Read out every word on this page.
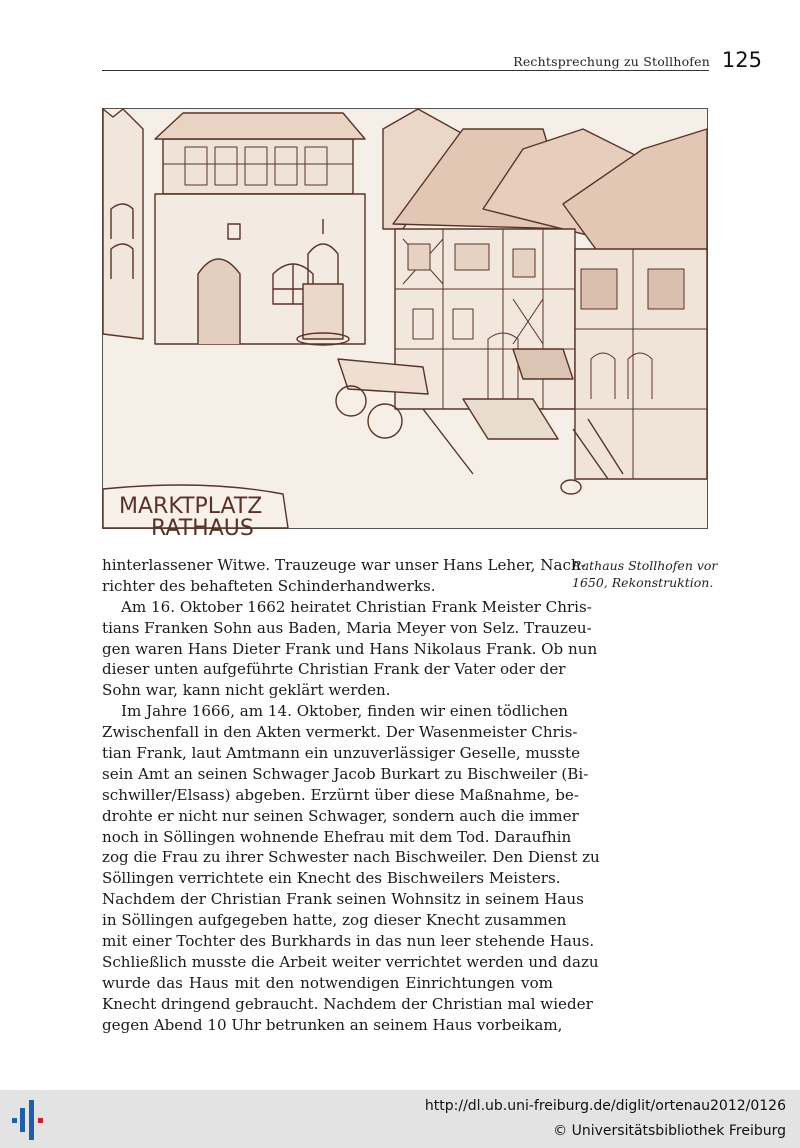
Rechtsprechung zu Stollhofen 125
MARKTPLATZ
RATHAUS
Rathaus Stollhofen vor
1650, Rekonstruktion.
hinterlassener Witwe. Trauzeuge war unser Hans Leher, Nach-
richter des behafteten Schinderhandwerks.
Am 16. Oktober 1662 heiratet Christian Frank Meister Chris-
tians Franken Sohn aus Baden, Maria Meyer von Selz. Trauzeu-
gen waren Hans Dieter Frank und Hans Nikolaus Frank. Ob nun
dieser unten aufgeführte Christian Frank der Vater oder der
Sohn war, kann nicht geklärt werden.
Im Jahre 1666, am 14. Oktober, finden wir einen tödlichen
Zwischenfall in den Akten vermerkt. Der Wasenmeister Chris-
tian Frank, laut Amtmann ein unzuverlässiger Geselle, musste
sein Amt an seinen Schwager Jacob Burkart zu Bischweiler (Bi-
schwiller/Elsass) abgeben. Erzürnt über diese Maßnahme, be-
drohte er nicht nur seinen Schwager, sondern auch die immer
noch in Söllingen wohnende Ehefrau mit dem Tod. Daraufhin
zog die Frau zu ihrer Schwester nach Bischweiler. Den Dienst zu
Söllingen verrichtete ein Knecht des Bischweilers Meisters.
Nachdem der Christian Frank seinen Wohnsitz in seinem Haus
in Söllingen aufgegeben hatte, zog dieser Knecht zusammen
mit einer Tochter des Burkhards in das nun leer stehende Haus.
Schließlich musste die Arbeit weiter verrichtet werden und dazu
wurde das Haus mit den notwendigen Einrichtungen vom
Knecht dringend gebraucht. Nachdem der Christian mal wieder
gegen Abend 10 Uhr betrunken an seinem Haus vorbeikam,
http://dl.ub.uni-freiburg.de/diglit/ortenau2012/0126
© Universitätsbibliothek Freiburg
